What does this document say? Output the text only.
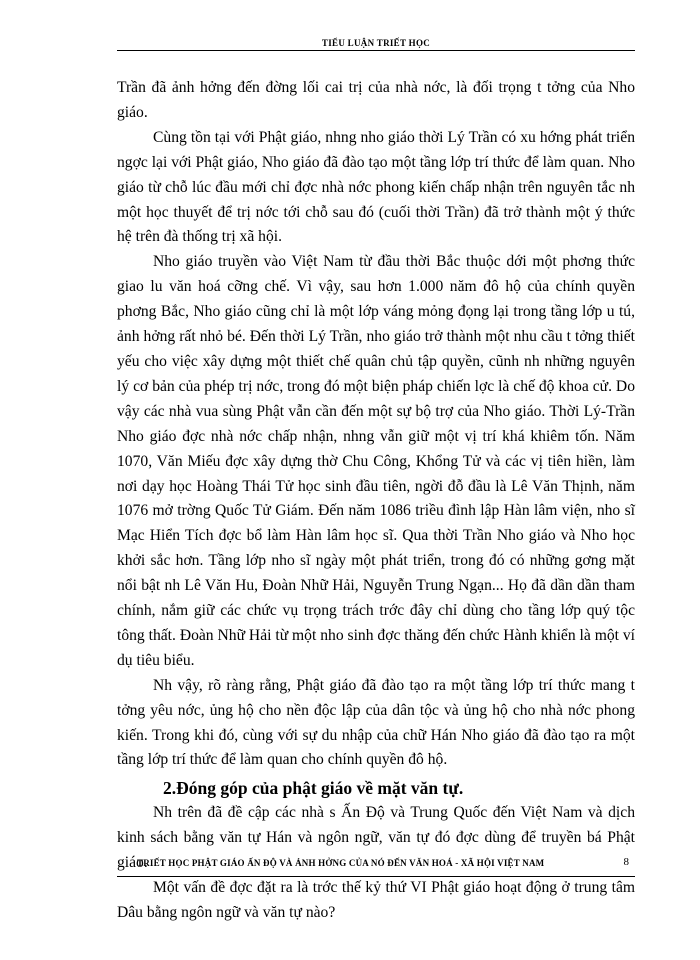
TIỂU LUẬN TRIẾT HỌC

Trần đã ảnh hởng đến đờng lối cai trị của nhà nớc, là đối trọng t tởng của Nho giáo.

Cùng tồn tại với Phật giáo, nhng nho giáo thời Lý Trần có xu hớng phát triển ngợc lại với Phật giáo, Nho giáo đã đào tạo một tầng lớp trí thức để làm quan. Nho giáo từ chỗ lúc đầu mới chỉ đợc nhà nớc phong kiến chấp nhận trên nguyên tắc nh một học thuyết để trị nớc tới chỗ sau đó (cuối thời Trần) đã trở thành một ý thức hệ trên đà thống trị xã hội.

Nho giáo truyền vào Việt Nam từ đầu thời Bắc thuộc dới một phơng thức giao lu văn hoá cỡng chế. Vì vậy, sau hơn 1.000 năm đô hộ của chính quyền phơng Bắc, Nho giáo cũng chỉ là một lớp váng mỏng đọng lại trong tầng lớp u tú, ảnh hởng rất nhỏ bé. Đến thời Lý Trần, nho giáo trở thành một nhu cầu t tởng thiết yếu cho việc xây dựng một thiết chế quân chủ tập quyền, cũnh nh những nguyên lý cơ bản của phép trị nớc, trong đó một biện pháp chiến lợc là chế độ khoa cử. Do vậy các nhà vua sùng Phật vẫn cần đến một sự bộ trợ của Nho giáo. Thời Lý-Trần Nho giáo đợc nhà nớc chấp nhận, nhng vẫn giữ một vị trí khá khiêm tốn. Năm 1070, Văn Miếu đợc xây dựng thờ Chu Công, Khổng Tử và các vị tiên hiền, làm nơi dạy học Hoàng Thái Tử học sinh đầu tiên, ngời đỗ đầu là Lê Văn Thịnh, năm 1076 mở trờng Quốc Tử Giám. Đến năm 1086 triều đình lập Hàn lâm viện, nho sĩ Mạc Hiển Tích đợc bổ làm Hàn lâm học sĩ. Qua thời Trần Nho giáo và Nho học khởi sắc hơn. Tầng lớp nho sĩ ngày một phát triển, trong đó có những gơng mặt nổi bật nh Lê Văn Hu, Đoàn Nhữ Hải, Nguyễn Trung Ngạn... Họ đã dần dần tham chính, nắm giữ các chức vụ trọng trách trớc đây chỉ dùng cho tầng lớp quý tộc tông thất. Đoàn Nhữ Hải từ một nho sinh đợc thăng đến chức Hành khiển là một ví dụ tiêu biểu.

Nh vậy, rõ ràng rằng, Phật giáo đã đào tạo ra một tầng lớp trí thức mang t tởng yêu nớc, ủng hộ cho nền độc lập của dân tộc và ủng hộ cho nhà nớc phong kiến. Trong khi đó, cùng với sự du nhập của chữ Hán Nho giáo đã đào tạo ra một tầng lớp trí thức để làm quan cho chính quyền đô hộ.

2.Đóng góp của phật giáo về mặt văn tự.

Nh trên đã đề cập các nhà s Ấn Độ và Trung Quốc đến Việt Nam và dịch kinh sách bằng văn tự Hán và ngôn ngữ, văn tự đó đợc dùng để truyền bá Phật giáo.

Một vấn đề đợc đặt ra là trớc thế kỷ thứ VI Phật giáo hoạt động ở trung tâm Dâu bằng ngôn ngữ và văn tự nào?

TRIẾT HỌC PHẬT GIÁO ẤN ĐỘ VÀ ẢNH HỞNG CỦA NÓ ĐẾN VĂN HOÁ - XÃ HỘI VIỆT NAM	8
